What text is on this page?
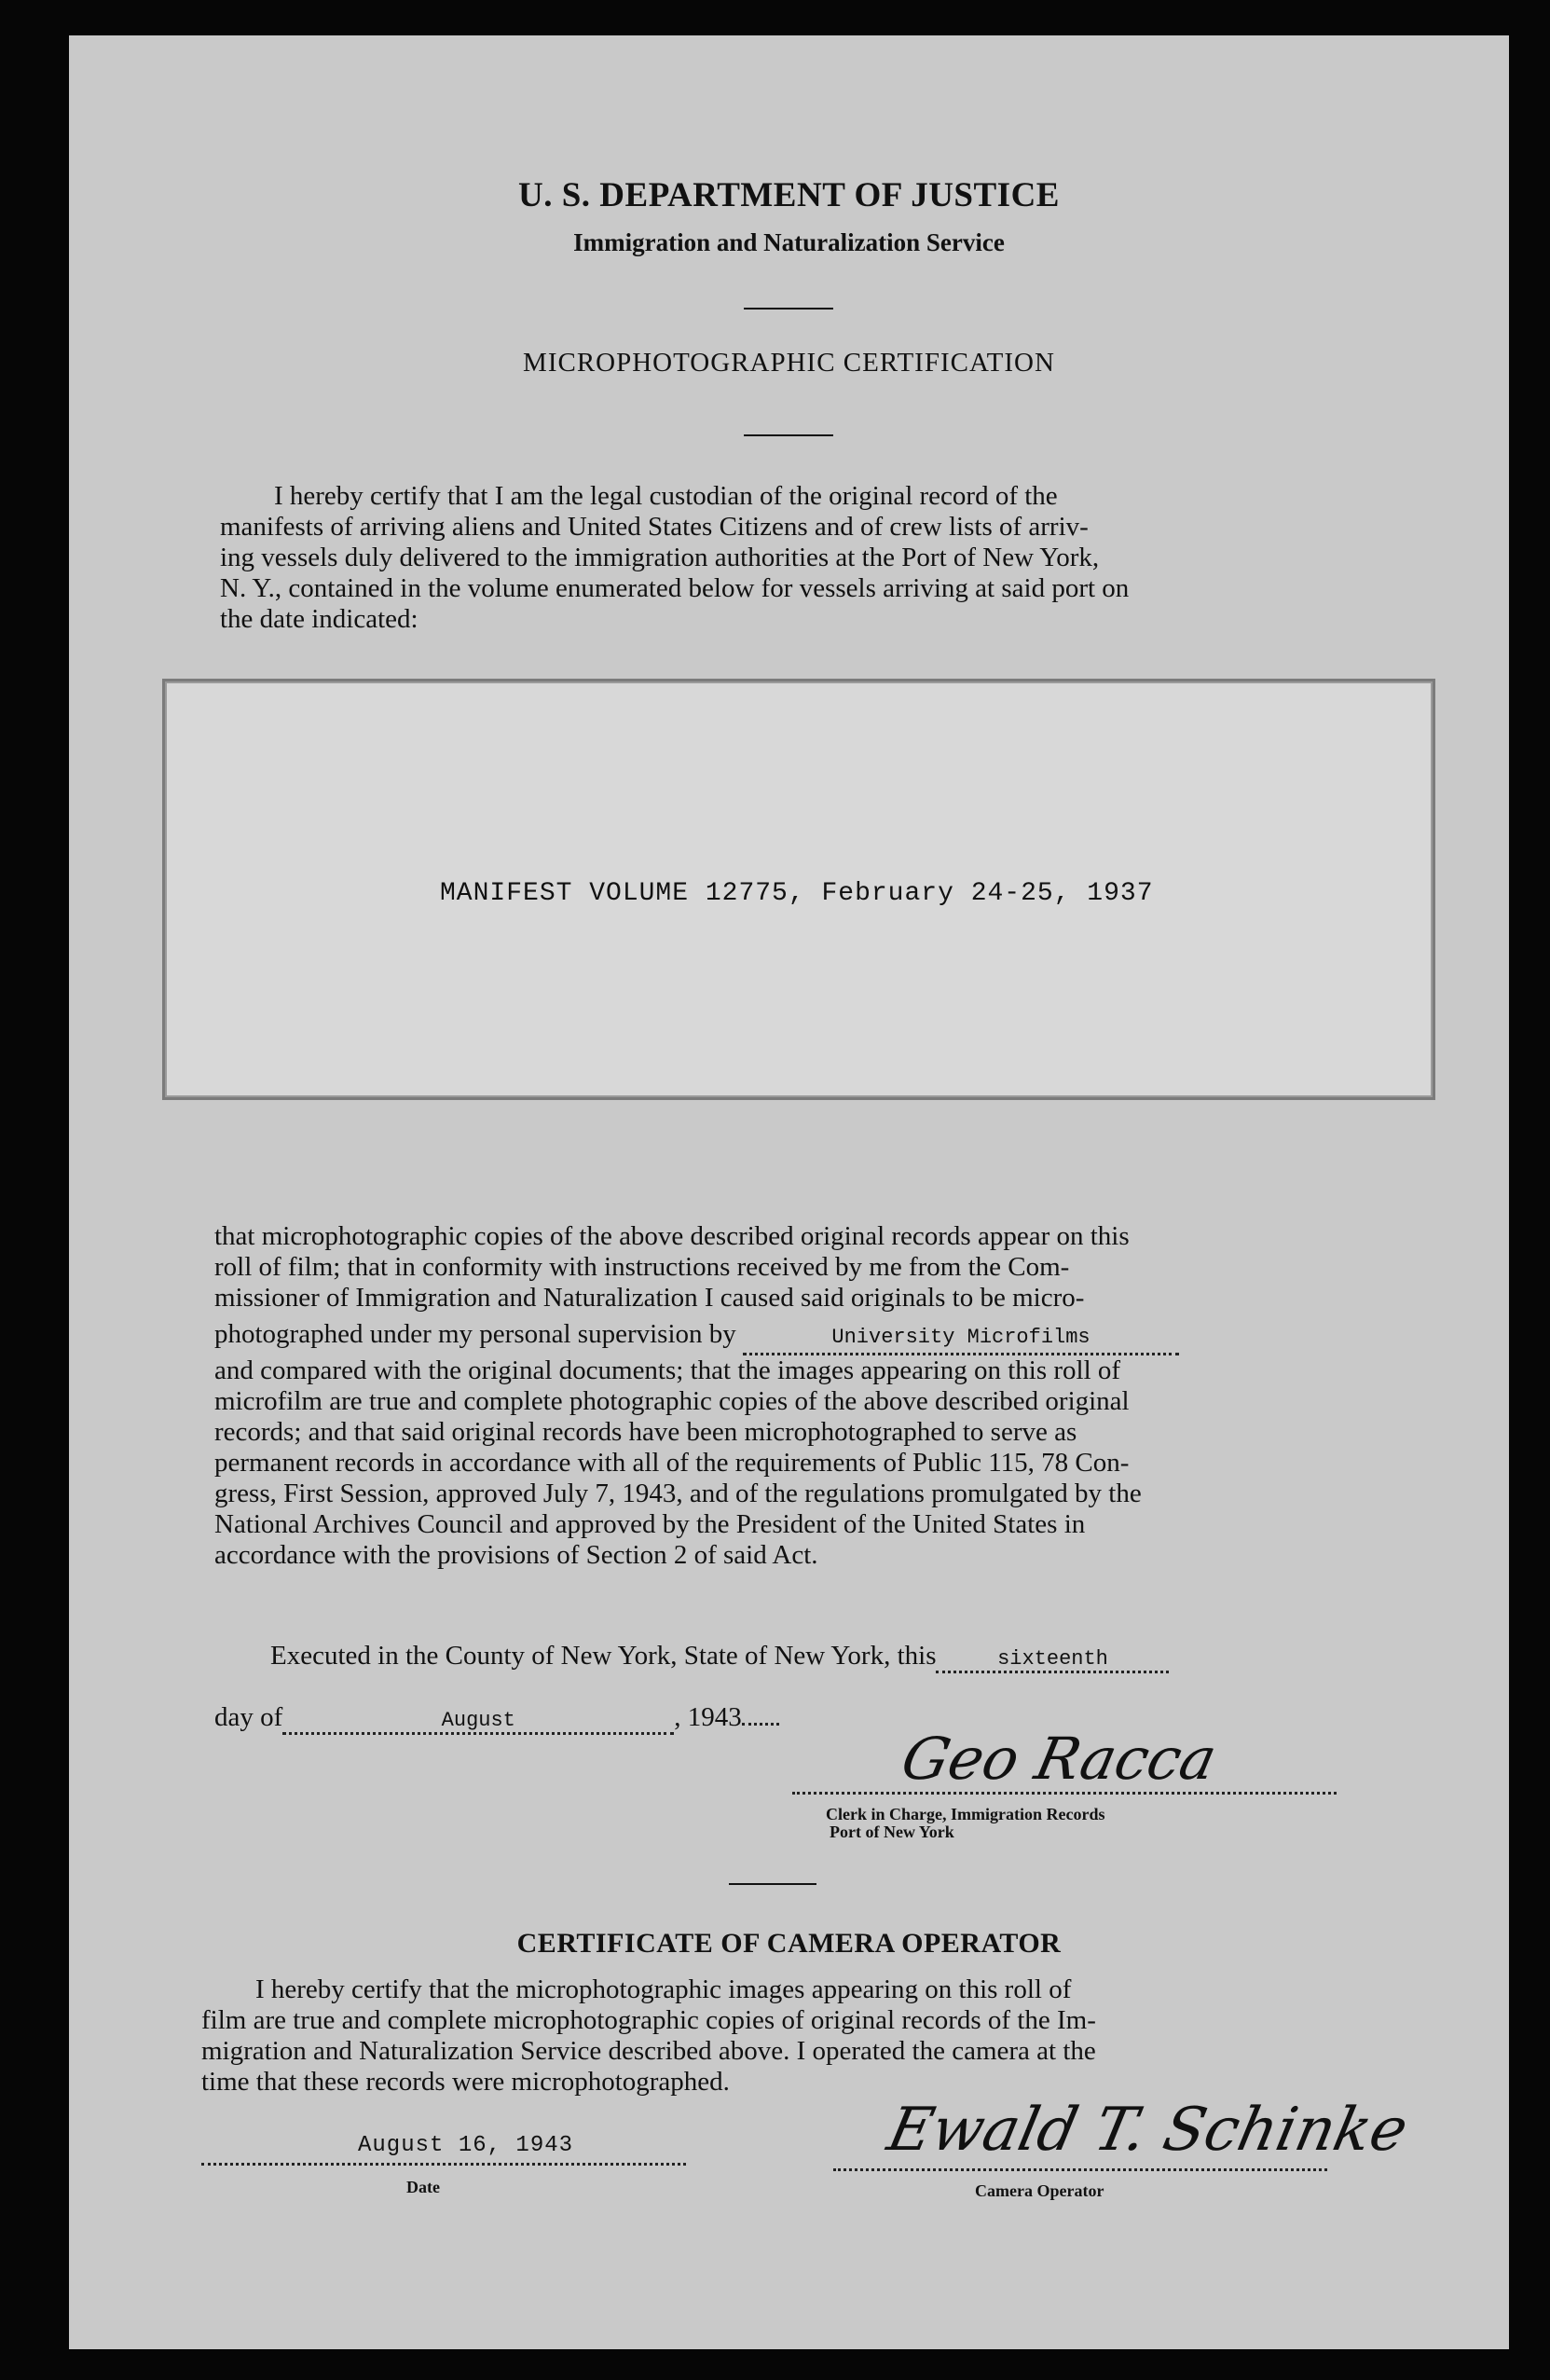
U. S. DEPARTMENT OF JUSTICE
Immigration and Naturalization Service
MICROPHOTOGRAPHIC CERTIFICATION

I hereby certify that I am the legal custodian of the original record of the

manifests of arriving aliens and United States Citizens and of crew lists of arriv-

ing vessels duly delivered to the immigration authorities at the Port of New York,

N. Y., contained in the volume enumerated below for vessels arriving at said port on

the date indicated:

MANIFEST VOLUME 12775, February 24-25, 1937

that microphotographic copies of the above described original records appear on this

roll of film; that in conformity with instructions received by me from the Com-

missioner of Immigration and Naturalization I caused said originals to be micro-

photographed under my personal supervision by	University Microfilms

and compared with the original documents; that the images appearing on this roll of

microfilm are true and complete photographic copies of the above described original

records; and that said original records have been microphotographed to serve as

permanent records in accordance with all of the requirements of Public 115, 78 Con-

gress, First Session, approved July 7, 1943, and of the regulations promulgated by the

National Archives Council and approved by the President of the United States in

accordance with the provisions of Section 2 of said Act.

Executed in the County of New York, State of New York, this	sixteenth
day of	August	, 1943
Geo Racca
Clerk in Charge, Immigration Records
Port of New York
CERTIFICATE OF CAMERA OPERATOR

I hereby certify that the microphotographic images appearing on this roll of

film are true and complete microphotographic copies of original records of the Im-

migration and Naturalization Service described above. I operated the camera at the

time that these records were microphotographed.

August 16, 1943
Date
Ewald T. Schinke
Camera Operator
